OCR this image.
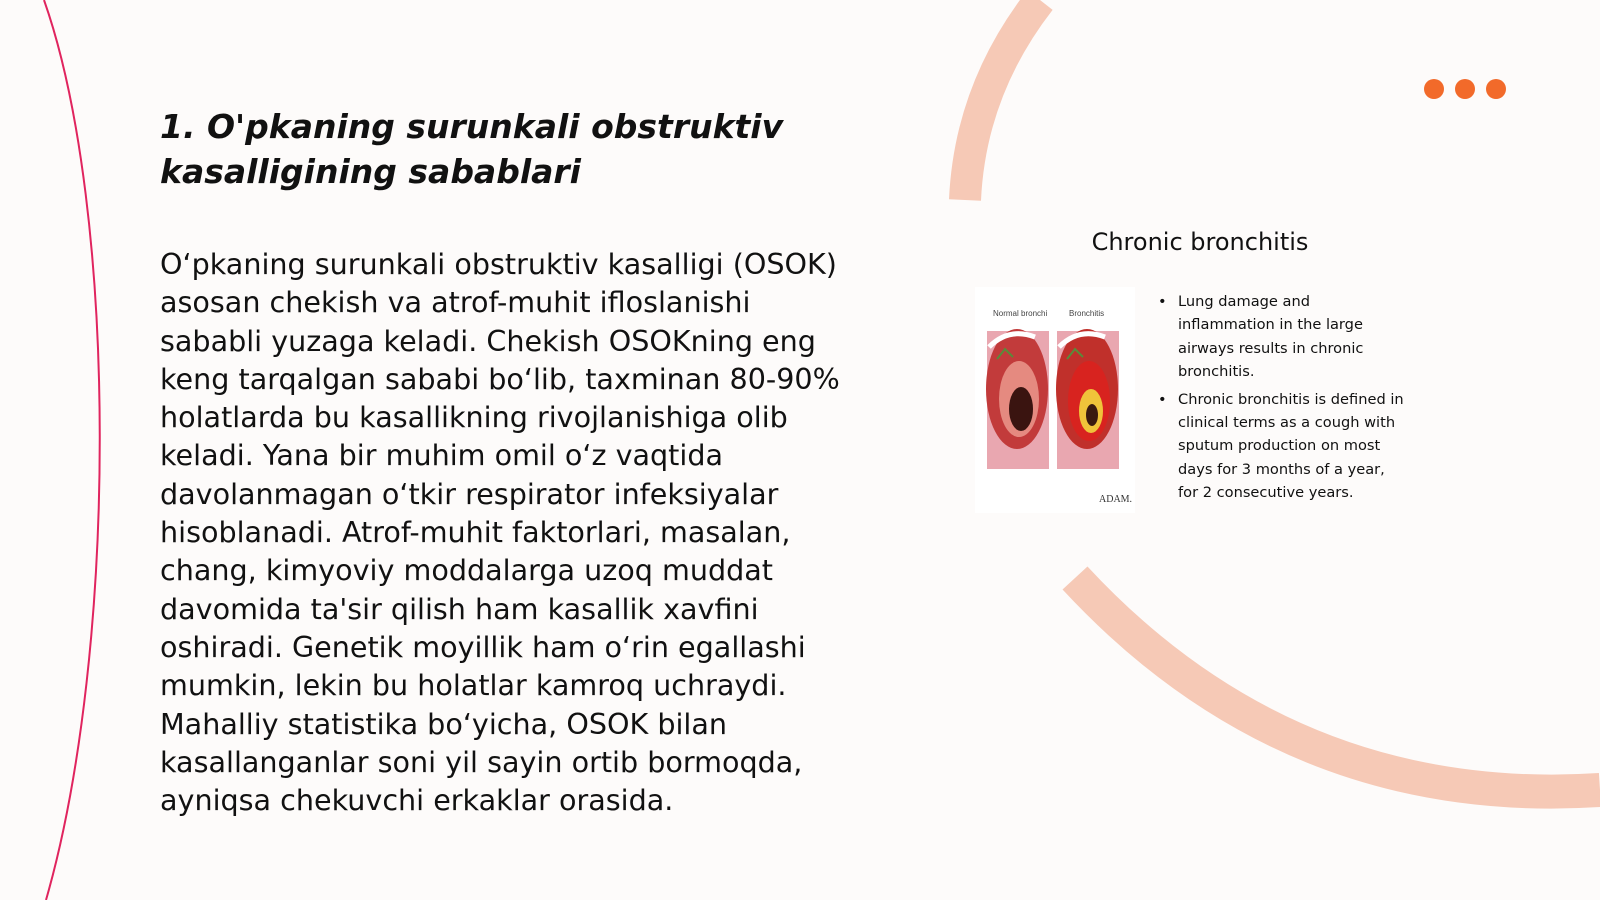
1. O'pkaning surunkali obstruktiv kasalligining sabablari

O‘pkaning surunkali obstruktiv kasalligi (OSOK) asosan chekish va atrof-muhit ifloslanishi sababli yuzaga keladi. Chekish OSOKning eng keng tarqalgan sababi bo‘lib, taxminan 80-90% holatlarda bu kasallikning rivojlanishiga olib keladi. Yana bir muhim omil o‘z vaqtida davolanmagan o‘tkir respirator infeksiyalar hisoblanadi. Atrof-muhit faktorlari, masalan, chang, kimyoviy moddalarga uzoq muddat davomida ta'sir qilish ham kasallik xavfini oshiradi. Genetik moyillik ham o‘rin egallashi mumkin, lekin bu holatlar kamroq uchraydi. Mahalliy statistika bo‘yicha, OSOK bilan kasallanganlar soni yil sayin ortib bormoqda, ayniqsa chekuvchi erkaklar orasida.

Chronic bronchitis
Normal bronchi	Bronchitis
ADAM.
• Lung damage and inflammation in the large airways results in chronic bronchitis.
• Chronic bronchitis is defined in clinical terms as a cough with sputum production on most days for 3 months of a year, for 2 consecutive years.
